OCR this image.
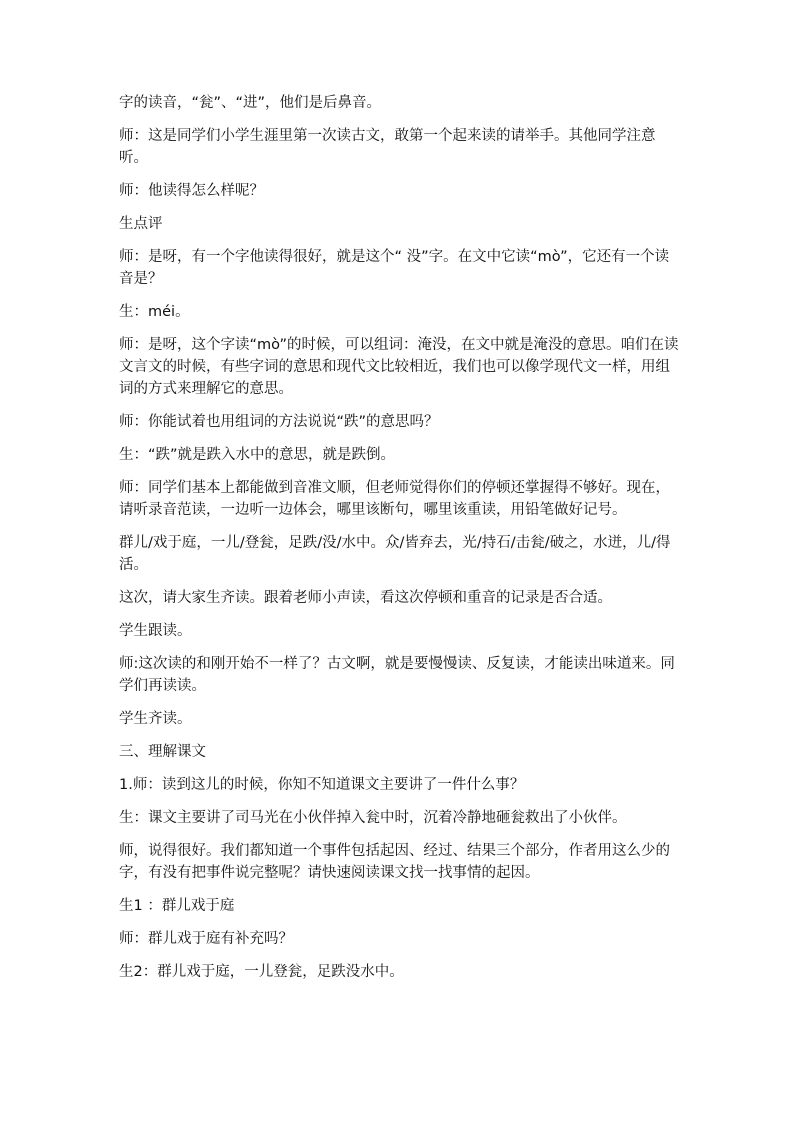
字的读音，“瓮”、“进”，他们是后鼻音。

师：这是同学们小学生涯里第一次读古文，敢第一个起来读的请举手。其他同学注意听。

师：他读得怎么样呢？

生点评

师：是呀，有一个字他读得很好，就是这个“ 没”字。在文中它读“mò”，它还有一个读音是？

生：méi。

师：是呀，这个字读“mò”的时候，可以组词：淹没，在文中就是淹没的意思。咱们在读文言文的时候，有些字词的意思和现代文比较相近，我们也可以像学现代文一样，用组词的方式来理解它的意思。

师：你能试着也用组词的方法说说“跌”的意思吗？

生：“跌”就是跌入水中的意思，就是跌倒。

师：同学们基本上都能做到音准文顺，但老师觉得你们的停顿还掌握得不够好。现在，请听录音范读，一边听一边体会，哪里该断句，哪里该重读，用铅笔做好记号。

群儿/戏于庭，一儿/登瓮，足跌/没/水中。众/皆弃去，光/持石/击瓮/破之，水迸，儿/得活。

这次，请大家生齐读。跟着老师小声读，看这次停顿和重音的记录是否合适。

学生跟读。

师:这次读的和刚开始不一样了？古文啊，就是要慢慢读、反复读，才能读出味道来。同学们再读读。

学生齐读。

三、理解课文

1.师：读到这儿的时候，你知不知道课文主要讲了一件什么事？

生：课文主要讲了司马光在小伙伴掉入瓮中时，沉着冷静地砸瓮救出了小伙伴。

师，说得很好。我们都知道一个事件包括起因、经过、结果三个部分，作者用这么少的字，有没有把事件说完整呢？请快速阅读课文找一找事情的起因。

生1 ：群儿戏于庭

师：群儿戏于庭有补充吗？

生2：群儿戏于庭，一儿登瓮，足跌没水中。
